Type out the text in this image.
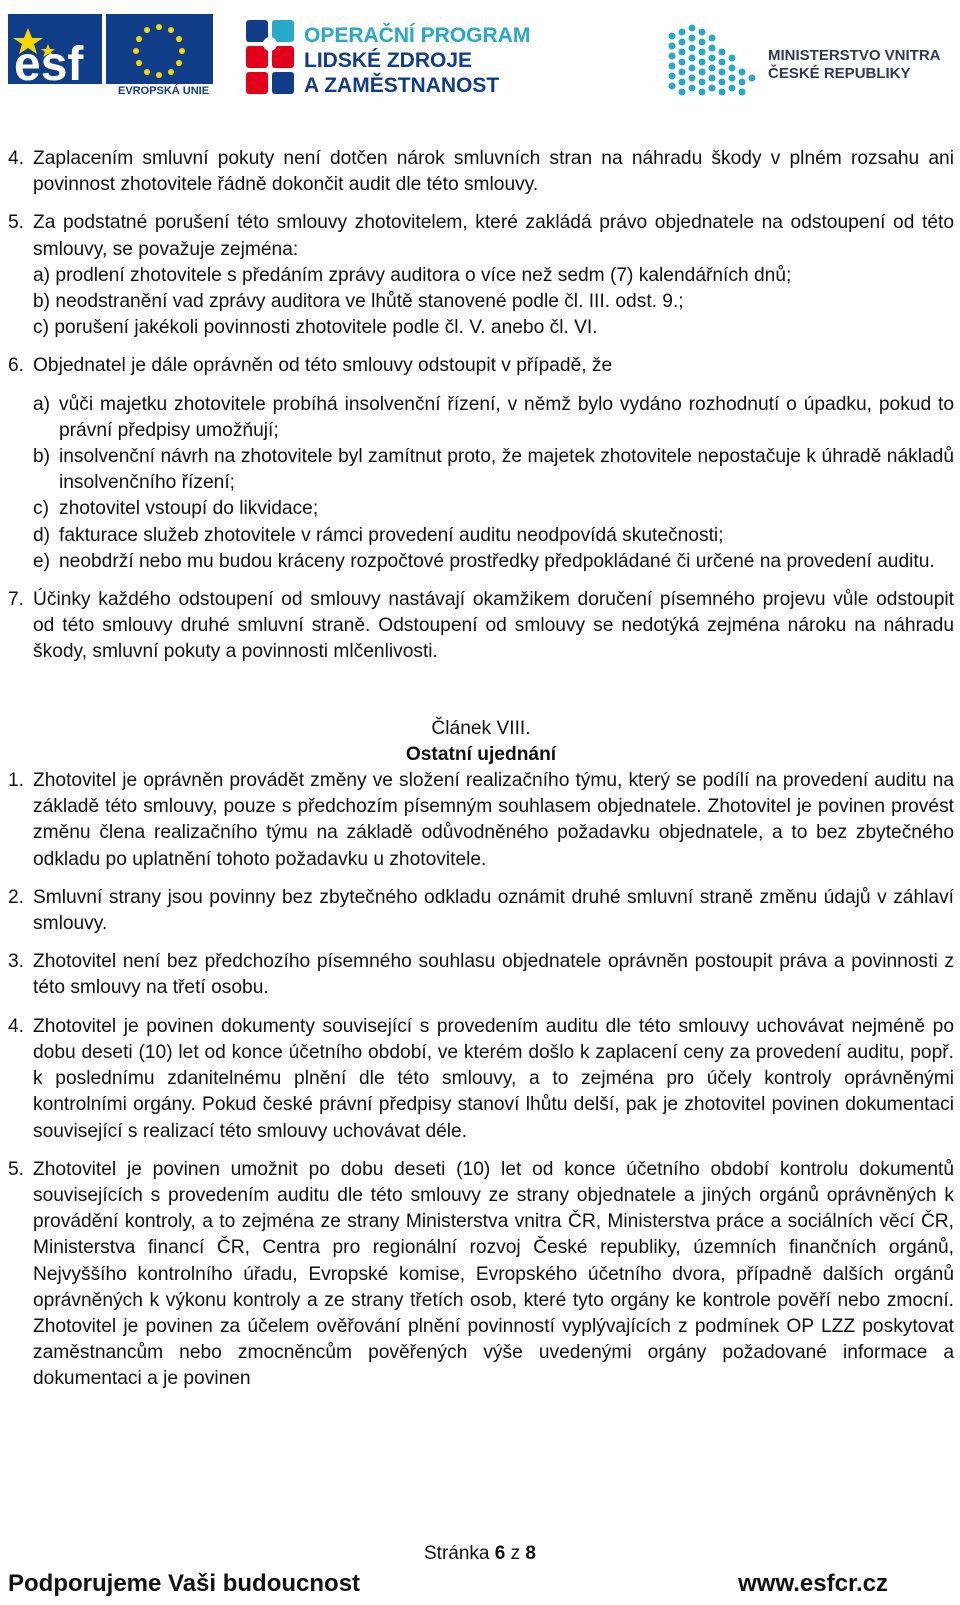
esf	EVROPSKÁ UNIE
OPERAČNÍ PROGRAM
LIDSKÉ ZDROJE
A ZAMĚSTNANOST
MINISTERSTVO VNITRA
ČESKÉ REPUBLIKY
4. Zaplacením smluvní pokuty není dotčen nárok smluvních stran na náhradu škody v plném rozsahu ani povinnost zhotovitele řádně dokončit audit dle této smlouvy.
5. Za podstatné porušení této smlouvy zhotovitelem, které zakládá právo objednatele na odstoupení od této smlouvy, se považuje zejména:
a) prodlení zhotovitele s předáním zprávy auditora o více než sedm (7) kalendářních dnů;
b) neodstranění vad zprávy auditora ve lhůtě stanovené podle čl. III. odst. 9.;
c) porušení jakékoli povinnosti zhotovitele podle čl. V. anebo čl. VI.
6. Objednatel je dále oprávněn od této smlouvy odstoupit v případě, že
a) vůči majetku zhotovitele probíhá insolvenční řízení, v němž bylo vydáno rozhodnutí o úpadku, pokud to právní předpisy umožňují;
b) insolvenční návrh na zhotovitele byl zamítnut proto, že majetek zhotovitele nepostačuje k úhradě nákladů insolvenčního řízení;
c) zhotovitel vstoupí do likvidace;
d) fakturace služeb zhotovitele v rámci provedení auditu neodpovídá skutečnosti;
e) neobdrží nebo mu budou kráceny rozpočtové prostředky předpokládané či určené na provedení auditu.
7. Účinky každého odstoupení od smlouvy nastávají okamžikem doručení písemného projevu vůle odstoupit od této smlouvy druhé smluvní straně. Odstoupení od smlouvy se nedotýká zejména nároku na náhradu škody, smluvní pokuty a povinnosti mlčenlivosti.
Článek VIII.
Ostatní ujednání
1. Zhotovitel je oprávněn provádět změny ve složení realizačního týmu, který se podílí na provedení auditu na základě této smlouvy, pouze s předchozím písemným souhlasem objednatele. Zhotovitel je povinen provést změnu člena realizačního týmu na základě odůvodněného požadavku objednatele, a to bez zbytečného odkladu po uplatnění tohoto požadavku u zhotovitele.
2. Smluvní strany jsou povinny bez zbytečného odkladu oznámit druhé smluvní straně změnu údajů v záhlaví smlouvy.
3. Zhotovitel není bez předchozího písemného souhlasu objednatele oprávněn postoupit práva a povinnosti z této smlouvy na třetí osobu.
4. Zhotovitel je povinen dokumenty související s provedením auditu dle této smlouvy uchovávat nejméně po dobu deseti (10) let od konce účetního období, ve kterém došlo k zaplacení ceny za provedení auditu, popř. k poslednímu zdanitelnému plnění dle této smlouvy, a to zejména pro účely kontroly oprávněnými kontrolními orgány. Pokud české právní předpisy stanoví lhůtu delší, pak je zhotovitel povinen dokumentaci související s realizací této smlouvy uchovávat déle.
5. Zhotovitel je povinen umožnit po dobu deseti (10) let od konce účetního období kontrolu dokumentů souvisejících s provedením auditu dle této smlouvy ze strany objednatele a jiných orgánů oprávněných k provádění kontroly, a to zejména ze strany Ministerstva vnitra ČR, Ministerstva práce a sociálních věcí ČR, Ministerstva financí ČR, Centra pro regionální rozvoj České republiky, územních finančních orgánů, Nejvyššího kontrolního úřadu, Evropské komise, Evropského účetního dvora, případně dalších orgánů oprávněných k výkonu kontroly a ze strany třetích osob, které tyto orgány ke kontrole pověří nebo zmocní. Zhotovitel je povinen za účelem ověřování plnění povinností vyplývajících z podmínek OP LZZ poskytovat zaměstnancům nebo zmocněncům pověřených výše uvedenými orgány požadované informace a dokumentaci a je povinen
Stránka 6 z 8
Podporujeme Vaši budoucnost	www.esfcr.cz
